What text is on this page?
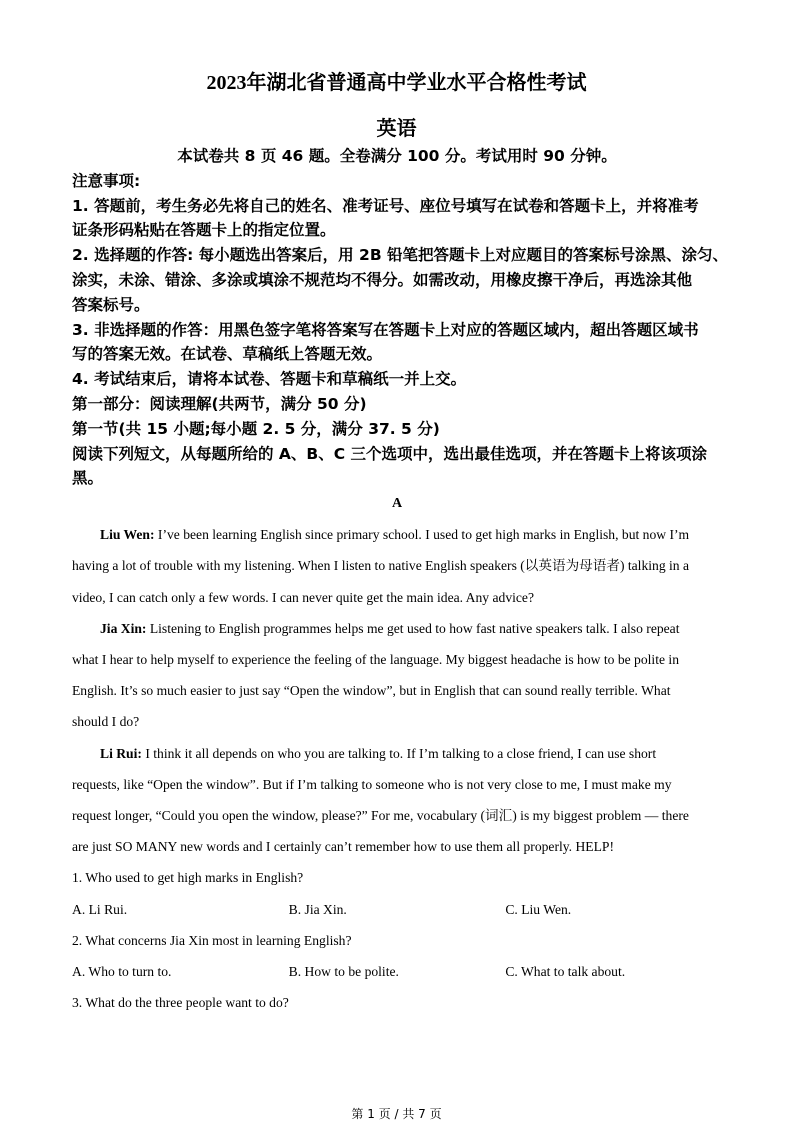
2023年湖北省普通高中学业水平合格性考试
英语
本试卷共 8 页 46 题。全卷满分 100 分。考试用时 90 分钟。
注意事项:
1. 答题前，考生务必先将自己的姓名、准考证号、座位号填写在试卷和答题卡上，并将准考
证条形码粘贴在答题卡上的指定位置。
2. 选择题的作答: 每小题选出答案后，用 2B 铅笔把答题卡上对应题目的答案标号涂黑、涂匀、
涂实，未涂、错涂、多涂或填涂不规范均不得分。如需改动，用橡皮擦干净后，再选涂其他
答案标号。
3. 非选择题的作答：用黑色签字笔将答案写在答题卡上对应的答题区域内，超出答题区域书
写的答案无效。在试卷、草稿纸上答题无效。
4. 考试结束后，请将本试卷、答题卡和草稿纸一并上交。
第一部分：阅读理解(共两节，满分 50 分)
第一节(共 15 小题;每小题 2. 5 分，满分 37. 5 分)
阅读下列短文，从每题所给的 A、B、C 三个选项中，选出最佳选项，并在答题卡上将该项涂
黑。
A
Liu Wen: I’ve been learning English since primary school. I used to get high marks in English, but now I’m
having a lot of trouble with my listening. When I listen to native English speakers (以英语为母语者) talking in a
video, I can catch only a few words. I can never quite get the main idea. Any advice?
Jia Xin: Listening to English programmes helps me get used to how fast native speakers talk. I also repeat
what I hear to help myself to experience the feeling of the language. My biggest headache is how to be polite in
English. It’s so much easier to just say “Open the window”, but in English that can sound really terrible. What
should I do?
Li Rui: I think it all depends on who you are talking to. If I’m talking to a close friend, I can use short
requests, like “Open the window”. But if I’m talking to someone who is not very close to me, I must make my
request longer, “Could you open the window, please?” For me, vocabulary (词汇) is my biggest problem — there
are just SO MANY new words and I certainly can’t remember how to use them all properly. HELP!
1. Who used to get high marks in English?
A. Li Rui.	B. Jia Xin.	C. Liu Wen.
2. What concerns Jia Xin most in learning English?
A. Who to turn to.	B. How to be polite.	C. What to talk about.
3. What do the three people want to do?
第 1 页 / 共 7 页
